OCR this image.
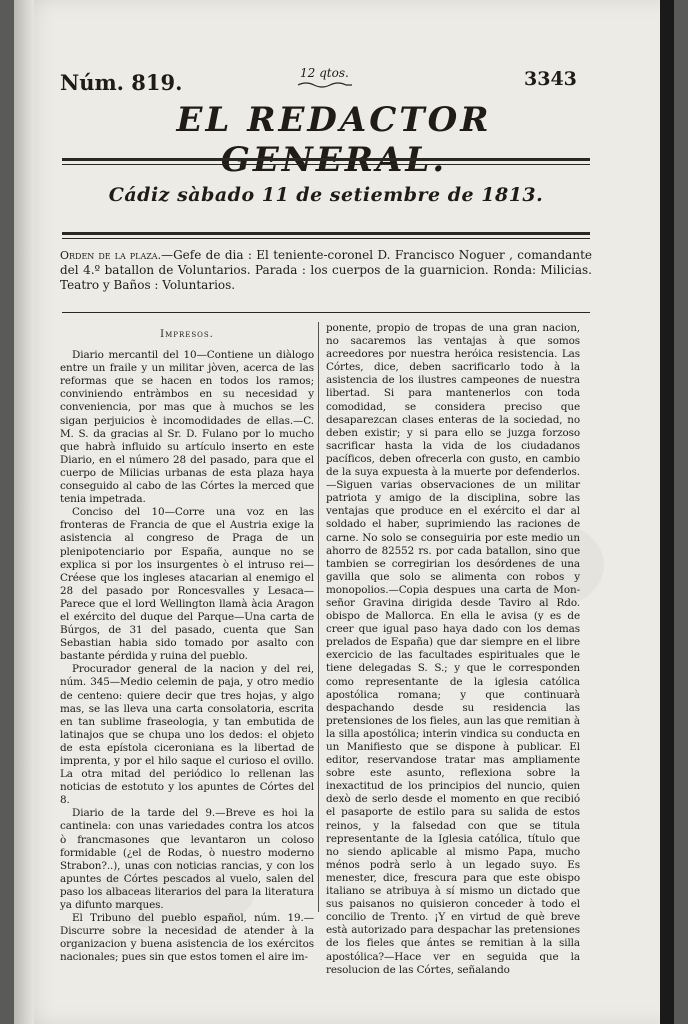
Núm. 819.	12 qtos.	3343
EL REDACTOR GENERAL.
Cádiz sàbado 11 de setiembre de 1813.
Orden de la plaza.—Gefe de dia : El teniente-coronel D. Francisco Noguer , comandante del 4.º batallon de Voluntarios. Parada : los cuerpos de la guarnicion. Ronda: Milicias. Teatro y Baños : Voluntarios.

Impresos.

Diario mercantil del 10—Contiene un diàlogo entre un fraile y un militar jòven, acerca de las reformas que se hacen en todos los ramos; conviniendo entràmbos en su necesidad y conveniencia, por mas que à muchos se les sigan perjuicios è incomodidades de ellas.—C. M. S. da gracias al Sr. D. Fulano por lo mucho que habrà influido su artículo inserto en este Diario, en el número 28 del pasado, para que el cuerpo de Milicias urbanas de esta plaza haya conseguido al cabo de las Córtes la merced que tenia impetrada.

Conciso del 10—Corre una voz en las fronteras de Francia de que el Austria exige la asistencia al congreso de Praga de un plenipotenciario por España, aunque no se explica si por los insurgentes ò el intruso rei—Créese que los ingleses atacarian al enemigo el 28 del pasado por Roncesvalles y Lesaca—Parece que el lord Wellington llamà àcia Aragon el exército del duque del Parque—Una carta de Búrgos, de 31 del pasado, cuenta que San Sebastian habia sido tomado por asalto con bastante pérdida y ruina del pueblo.

Procurador general de la nacion y del rei, núm. 345—Medio celemin de paja, y otro medio de centeno: quiere decir que tres hojas, y algo mas, se las lleva una carta consolatoria, escrita en tan sublime fraseologia, y tan embutida de latinajos que se chupa uno los dedos: el objeto de esta epístola ciceroniana es la libertad de imprenta, y por el hilo saque el curioso el ovillo. La otra mitad del periódico lo rellenan las noticias de estotuto y los apuntes de Córtes del 8.

Diario de la tarde del 9.—Breve es hoi la cantinela: con unas variedades contra los atcos ò francmasones que levantaron un coloso formidable (¿el de Rodas, ò nuestro moderno Strabon?..), unas con noticias rancias, y con los apuntes de Córtes pescados al vuelo, salen del paso los albaceas literarios del para la literatura ya difunto marques.

El Tribuno del pueblo español, núm. 19.—Discurre sobre la necesidad de atender à la organizacion y buena asistencia de los exércitos nacionales; pues sin que estos tomen el aire im-

ponente, propio de tropas de una gran nacion, no sacaremos las ventajas à que somos acreedores por nuestra heróica resistencia. Las Córtes, dice, deben sacrificarlo todo à la asistencia de los ilustres campeones de nuestra libertad. Si para mantenerlos con toda comodidad, se considera preciso que desaparezcan clases enteras de la sociedad, no deben existir; y si para ello se juzga forzoso sacrificar hasta la vida de los ciudadanos pacíficos, deben ofrecerla con gusto, en cambio de la suya expuesta à la muerte por defenderlos.—Siguen varias observaciones de un militar patriota y amigo de la disciplina, sobre las ventajas que produce en el exército el dar al soldado el haber, suprimiendo las raciones de carne. No solo se conseguiria por este medio un ahorro de 82552 rs. por cada batallon, sino que tambien se corregirian los desórdenes de una gavilla que solo se alimenta con robos y monopolios.—Copia despues una carta de Mon-señor Gravina dirigida desde Taviro al Rdo. obispo de Mallorca. En ella le avisa (y es de creer que igual paso haya dado con los demas prelados de España) que dar siempre en el libre exercicio de las facultades espirituales que le tiene delegadas S. S.; y que le corresponden como representante de la iglesia católica apostólica romana; y que continuarà despachando desde su residencia las pretensiones de los fieles, aun las que remitian à la silla apostólica; interin vindica su conducta en un Manifiesto que se dispone à publicar. El editor, reservandose tratar mas ampliamente sobre este asunto, reflexiona sobre la inexactitud de los principios del nuncio, quien dexò de serlo desde el momento en que recibió el pasaporte de estilo para su salida de estos reinos, y la falsedad con que se titula representante de la Iglesia católica, título que no siendo aplicable al mismo Papa, mucho ménos podrà serlo à un legado suyo. Es menester, dice, frescura para que este obispo italiano se atribuya à sí mismo un dictado que sus paisanos no quisieron conceder à todo el concilio de Trento. ¡Y en virtud de què breve està autorizado para despachar las pretensiones de los fieles que ántes se remitian à la silla apostólica?—Hace ver en seguida que la resolucion de las Córtes, señalando
